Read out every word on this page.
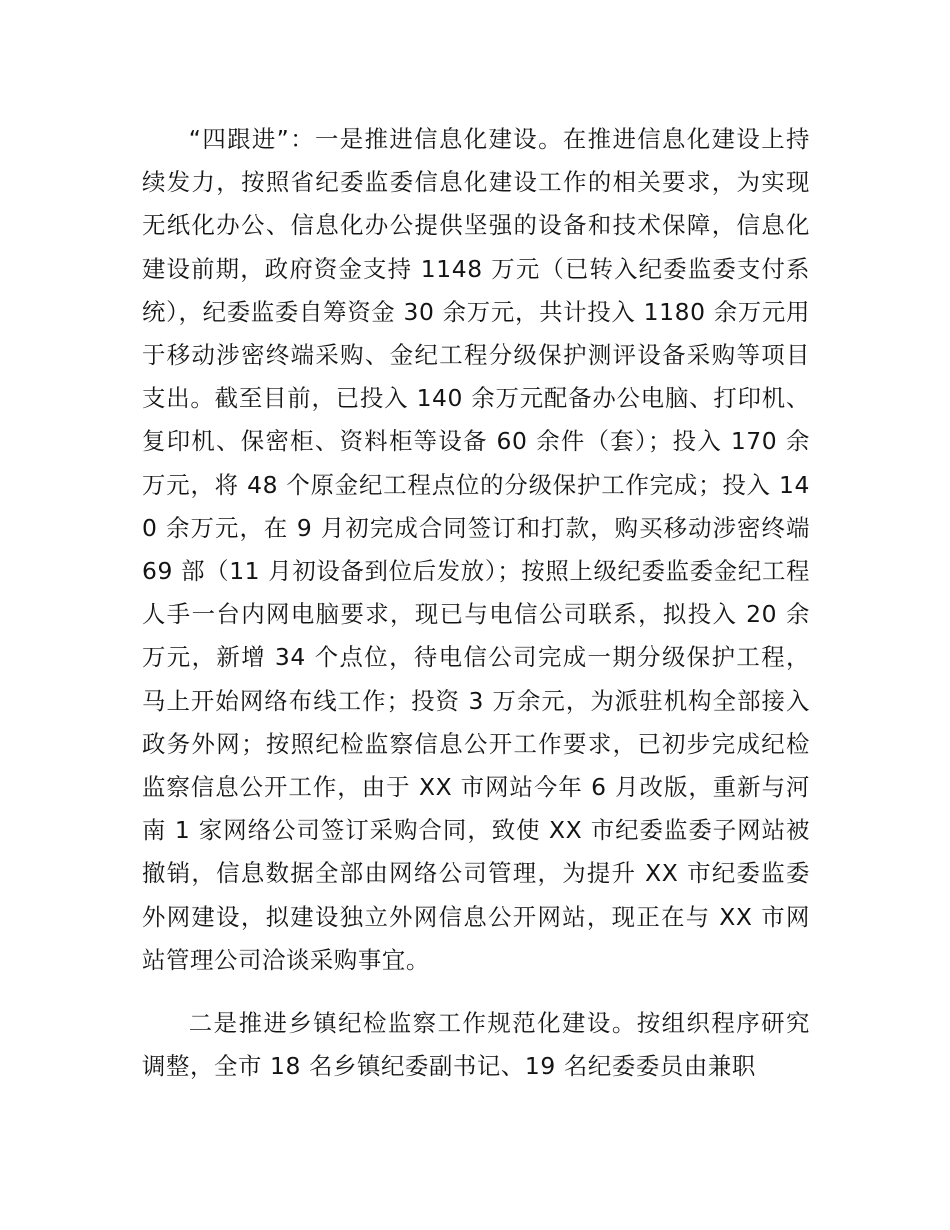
“四跟进”：一是推进信息化建设。在推进信息化建设上持续发力，按照省纪委监委信息化建设工作的相关要求，为实现无纸化办公、信息化办公提供坚强的设备和技术保障，信息化建设前期，政府资金支持 1148 万元（已转入纪委监委支付系统），纪委监委自筹资金 30 余万元，共计投入 1180 余万元用于移动涉密终端采购、金纪工程分级保护测评设备采购等项目支出。截至目前，已投入 140 余万元配备办公电脑、打印机、复印机、保密柜、资料柜等设备 60 余件（套）；投入 170 余万元，将 48 个原金纪工程点位的分级保护工作完成；投入 140 余万元，在 9 月初完成合同签订和打款，购买移动涉密终端 69 部（11 月初设备到位后发放）；按照上级纪委监委金纪工程人手一台内网电脑要求，现已与电信公司联系，拟投入 20 余万元，新增 34 个点位，待电信公司完成一期分级保护工程，马上开始网络布线工作；投资 3 万余元，为派驻机构全部接入政务外网；按照纪检监察信息公开工作要求，已初步完成纪检监察信息公开工作，由于 XX 市网站今年 6 月改版，重新与河南 1 家网络公司签订采购合同，致使 XX 市纪委监委子网站被撤销，信息数据全部由网络公司管理，为提升 XX 市纪委监委外网建设，拟建设独立外网信息公开网站，现正在与 XX 市网站管理公司洽谈采购事宜。

二是推进乡镇纪检监察工作规范化建设。按组织程序研究调整，全市 18 名乡镇纪委副书记、19 名纪委委员由兼职
